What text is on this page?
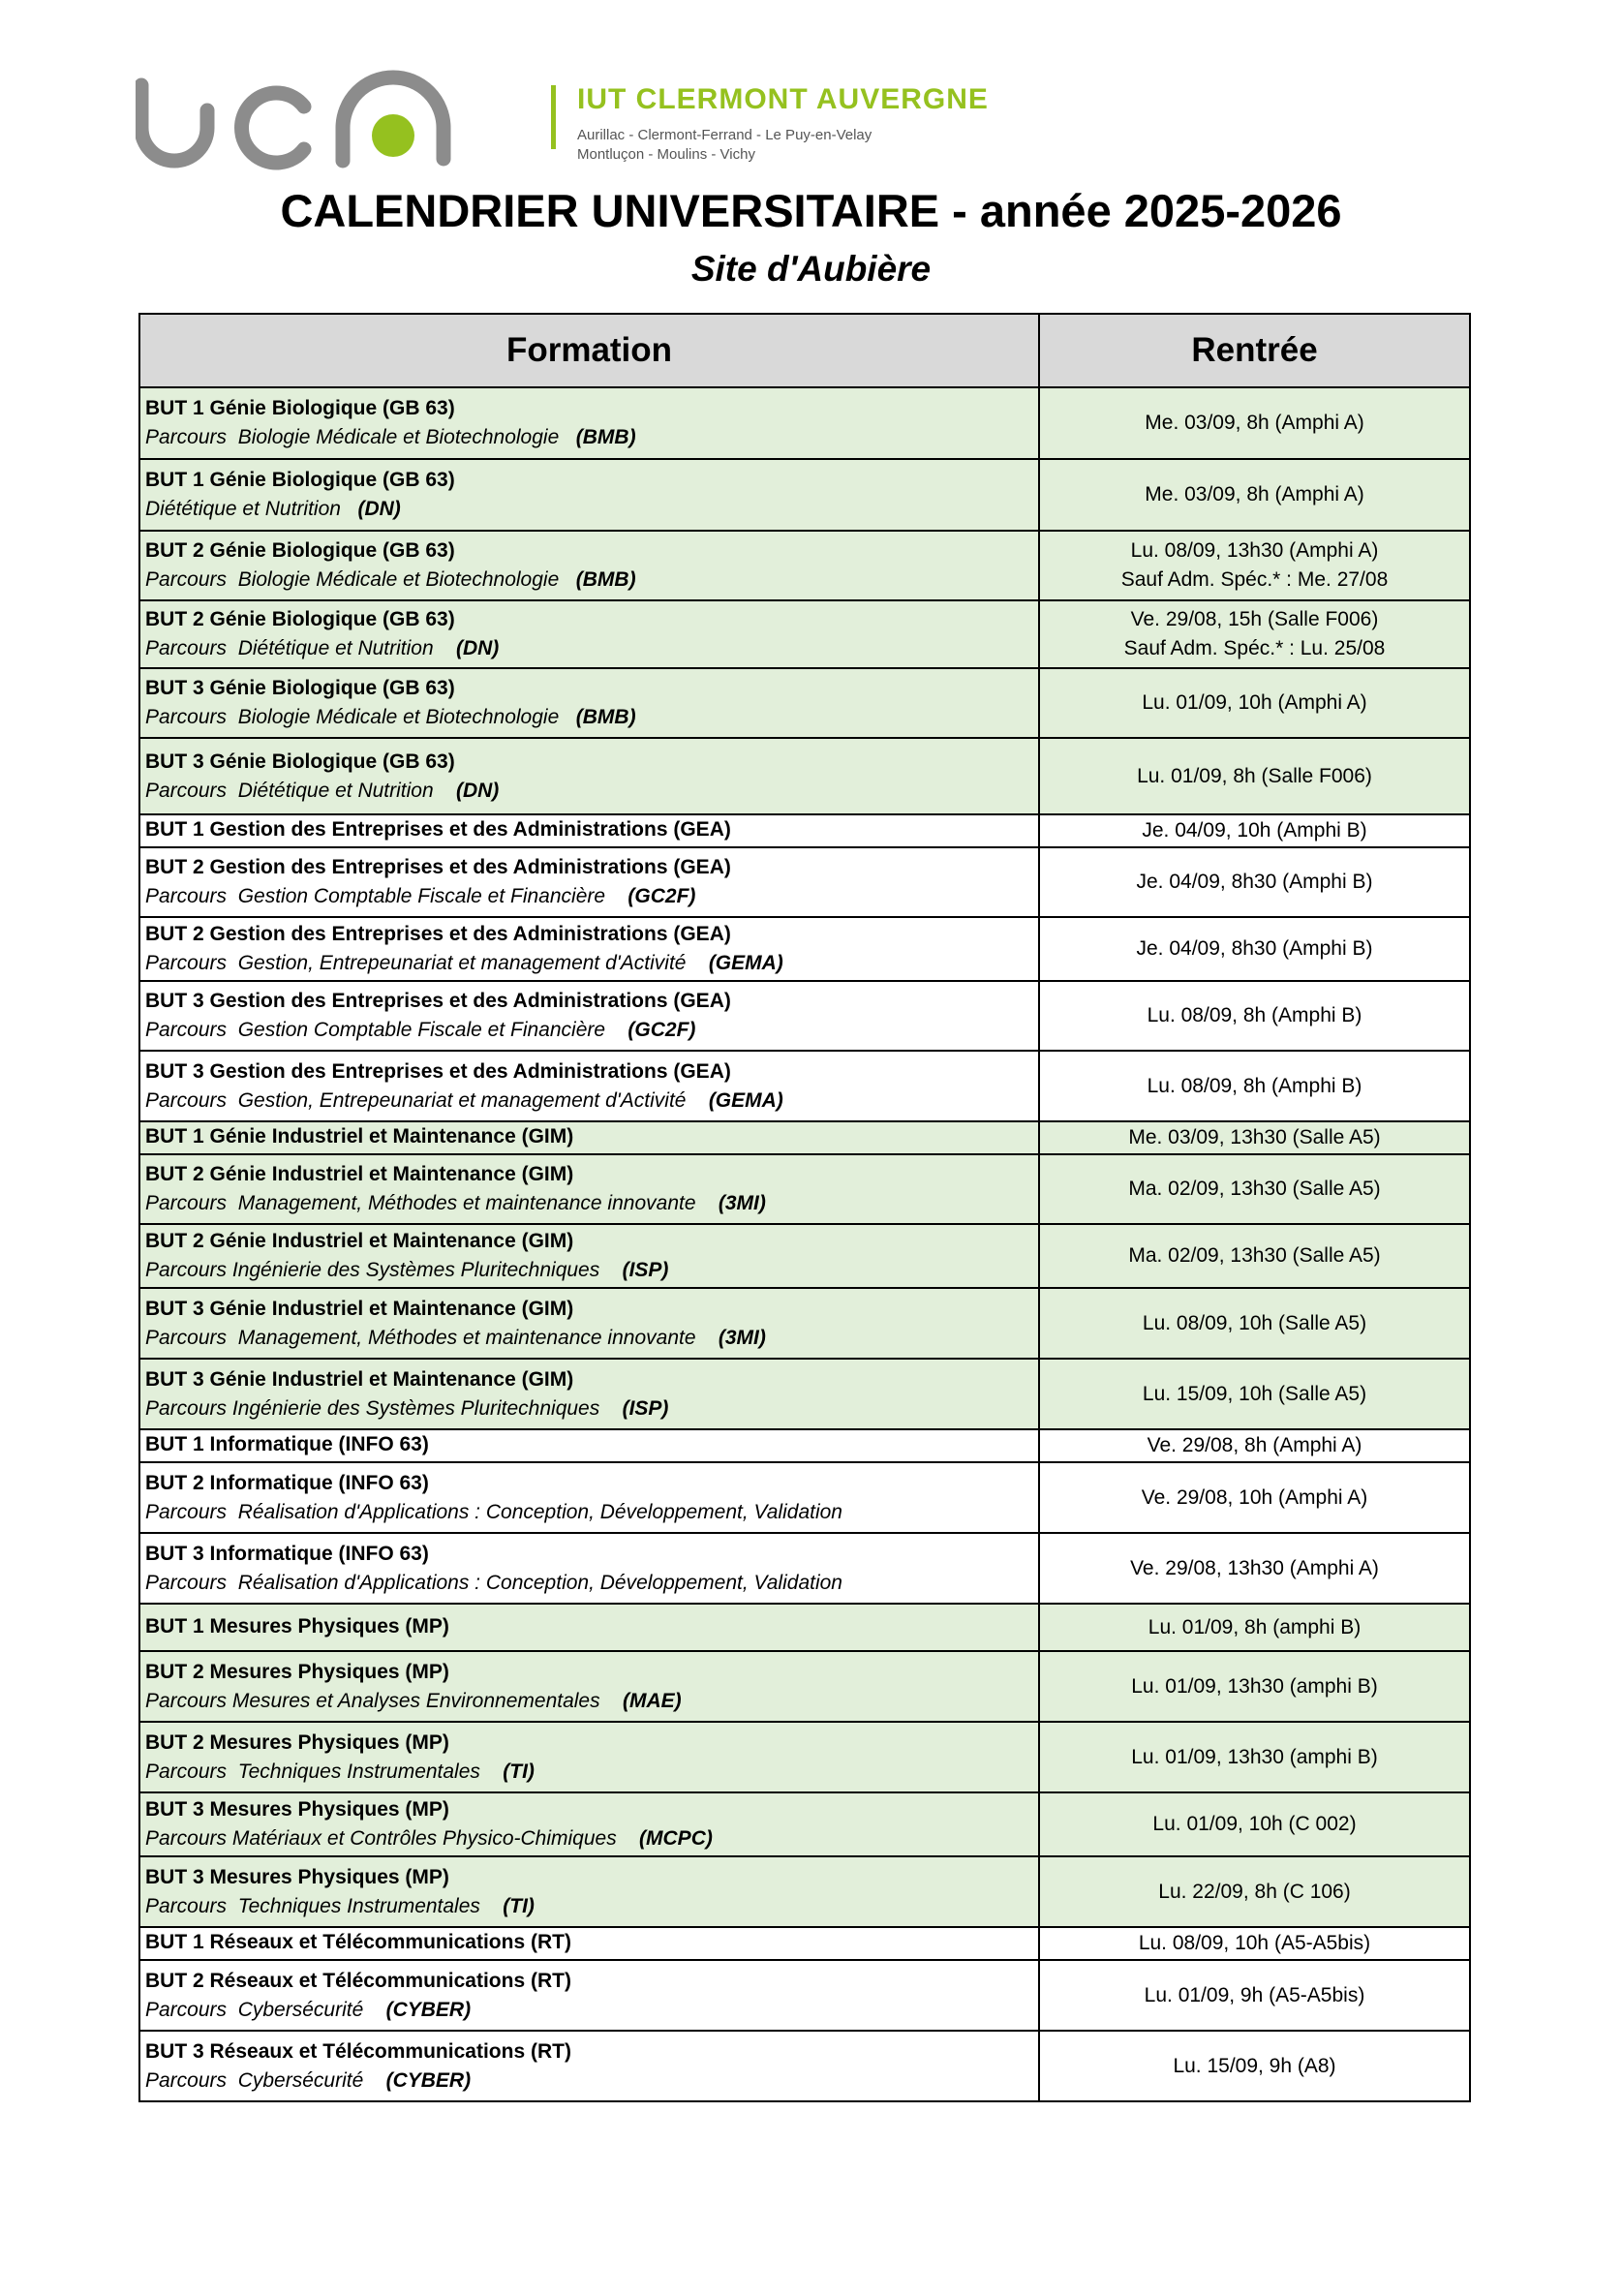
IUT CLERMONT AUVERGNE
Aurillac - Clermont-Ferrand - Le Puy-en-Velay
Montluçon - Moulins - Vichy
CALENDRIER UNIVERSITAIRE - année 2025-2026
Site d'Aubière
Formation	Rentrée

BUT 1 Génie Biologique (GB 63)
Parcours  Biologie Médicale et Biotechnologie   (BMB)	Me. 03/09, 8h (Amphi A)

BUT 1 Génie Biologique (GB 63)
Diététique et Nutrition   (DN)	Me. 03/09, 8h (Amphi A)

BUT 2 Génie Biologique (GB 63)
Parcours  Biologie Médicale et Biotechnologie   (BMB)	Lu. 08/09, 13h30 (Amphi A)
Sauf Adm. Spéc.* : Me. 27/08

BUT 2 Génie Biologique (GB 63)
Parcours  Diététique et Nutrition    (DN)	Ve. 29/08, 15h (Salle F006)
Sauf Adm. Spéc.* : Lu. 25/08

BUT 3 Génie Biologique (GB 63)
Parcours  Biologie Médicale et Biotechnologie   (BMB)	Lu. 01/09, 10h (Amphi A)

BUT 3 Génie Biologique (GB 63)
Parcours  Diététique et Nutrition    (DN)	Lu. 01/09, 8h (Salle F006)

BUT 1 Gestion des Entreprises et des Administrations (GEA)	Je. 04/09, 10h (Amphi B)

BUT 2 Gestion des Entreprises et des Administrations (GEA)
Parcours  Gestion Comptable Fiscale et Financière    (GC2F)	Je. 04/09, 8h30 (Amphi B)

BUT 2 Gestion des Entreprises et des Administrations (GEA)
Parcours  Gestion, Entrepeunariat et management d'Activité    (GEMA)	Je. 04/09, 8h30 (Amphi B)

BUT 3 Gestion des Entreprises et des Administrations (GEA)
Parcours  Gestion Comptable Fiscale et Financière    (GC2F)	Lu. 08/09, 8h (Amphi B)

BUT 3 Gestion des Entreprises et des Administrations (GEA)
Parcours  Gestion, Entrepeunariat et management d'Activité    (GEMA)	Lu. 08/09, 8h (Amphi B)

BUT 1 Génie Industriel et Maintenance (GIM)	Me. 03/09, 13h30 (Salle A5)

BUT 2 Génie Industriel et Maintenance (GIM)
Parcours  Management, Méthodes et maintenance innovante    (3MI)	Ma. 02/09, 13h30 (Salle A5)

BUT 2 Génie Industriel et Maintenance (GIM)
Parcours Ingénierie des Systèmes Pluritechniques    (ISP)	Ma. 02/09, 13h30 (Salle A5)

BUT 3 Génie Industriel et Maintenance (GIM)
Parcours  Management, Méthodes et maintenance innovante    (3MI)	Lu. 08/09, 10h (Salle A5)

BUT 3 Génie Industriel et Maintenance (GIM)
Parcours Ingénierie des Systèmes Pluritechniques    (ISP)	Lu. 15/09, 10h (Salle A5)

BUT 1 Informatique (INFO 63)	Ve. 29/08, 8h (Amphi A)

BUT 2 Informatique (INFO 63)
Parcours  Réalisation d'Applications : Conception, Développement, Validation	Ve. 29/08, 10h (Amphi A)

BUT 3 Informatique (INFO 63)
Parcours  Réalisation d'Applications : Conception, Développement, Validation	Ve. 29/08, 13h30 (Amphi A)

BUT 1 Mesures Physiques (MP)	Lu. 01/09, 8h (amphi B)

BUT 2 Mesures Physiques (MP)
Parcours Mesures et Analyses Environnementales    (MAE)	Lu. 01/09, 13h30 (amphi B)

BUT 2 Mesures Physiques (MP)
Parcours  Techniques Instrumentales    (TI)	Lu. 01/09, 13h30 (amphi B)

BUT 3 Mesures Physiques (MP)
Parcours Matériaux et Contrôles Physico-Chimiques    (MCPC)	Lu. 01/09, 10h (C 002)

BUT 3 Mesures Physiques (MP)
Parcours  Techniques Instrumentales    (TI)	Lu. 22/09, 8h (C 106)

BUT 1 Réseaux et Télécommunications (RT)	Lu. 08/09, 10h (A5-A5bis)

BUT 2 Réseaux et Télécommunications (RT)
Parcours  Cybersécurité    (CYBER)	Lu. 01/09, 9h (A5-A5bis)

BUT 3 Réseaux et Télécommunications (RT)
Parcours  Cybersécurité    (CYBER)	Lu. 15/09, 9h (A8)
